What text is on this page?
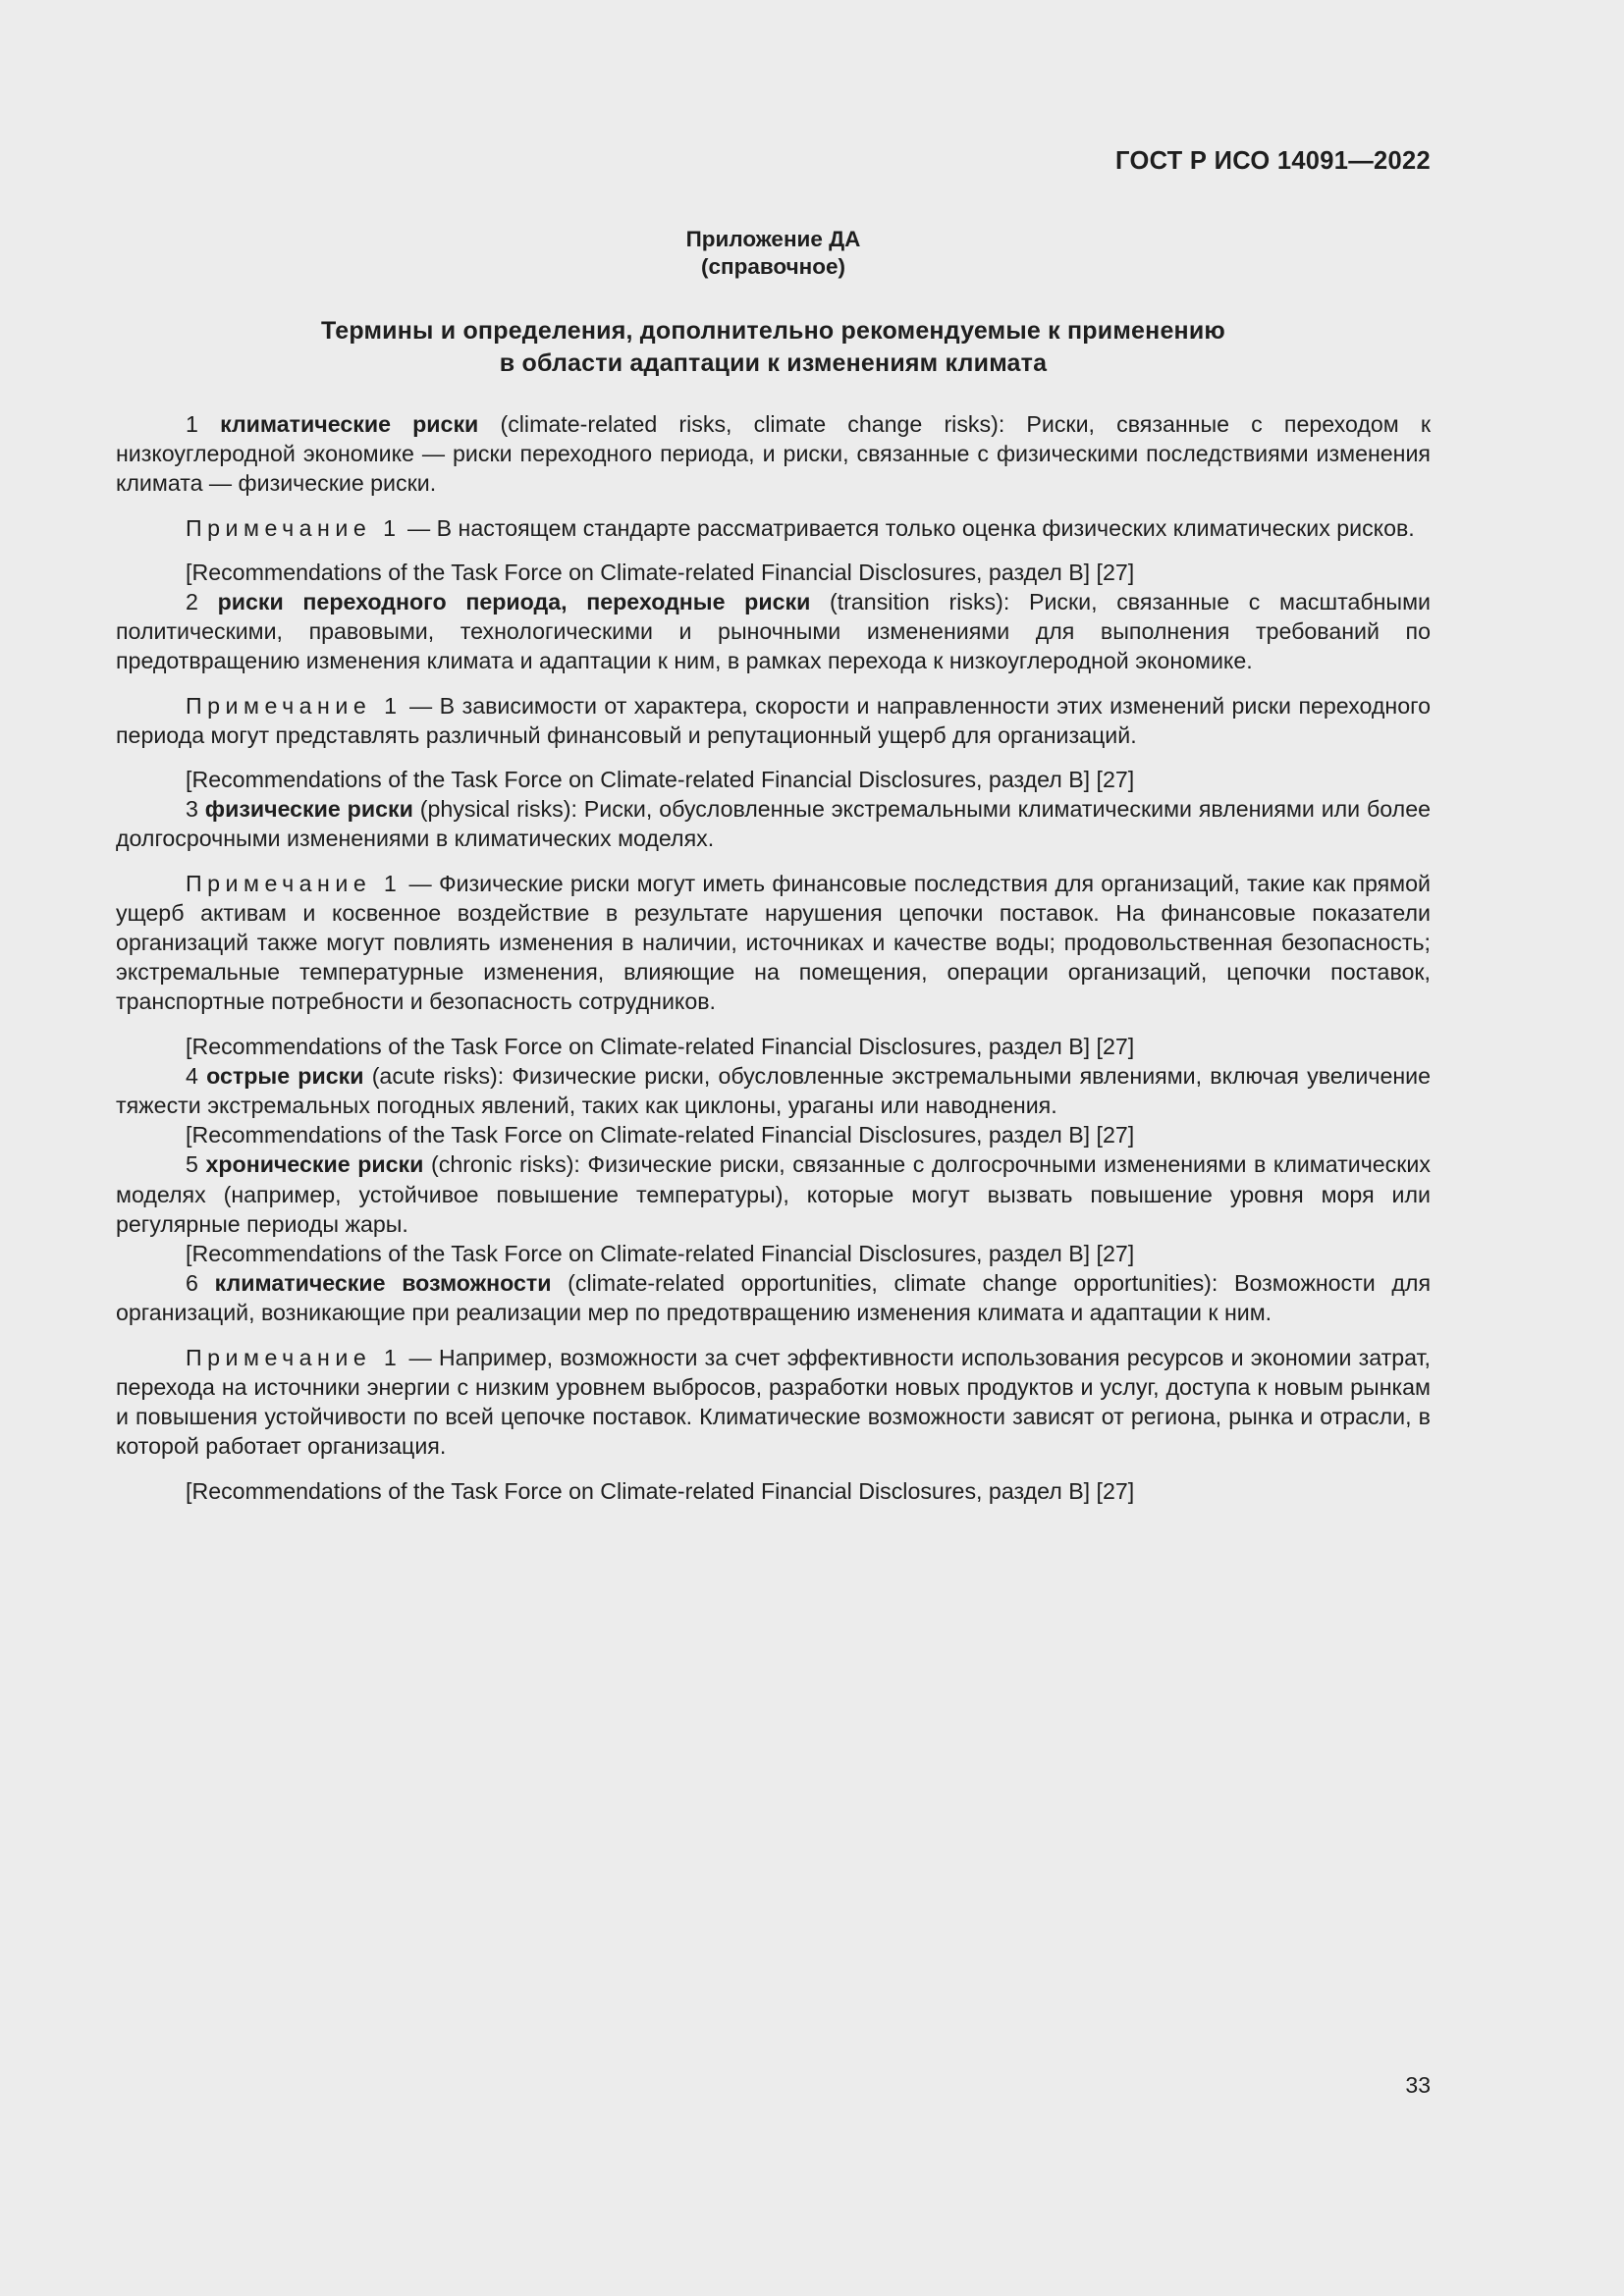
ГОСТ Р ИСО 14091—2022
Приложение ДА
(справочное)
Термины и определения, дополнительно рекомендуемые к применению
в области адаптации к изменениям климата

1 климатические риски (climate-related risks, climate change risks): Риски, связанные с переходом к низкоуглеродной экономике — риски переходного периода, и риски, связанные с физическими последствиями изменения климата — физические риски.

Примечание 1 — В настоящем стандарте рассматривается только оценка физических климатических рисков.

[Recommendations of the Task Force on Climate-related Financial Disclosures, раздел В] [27]

2 риски переходного периода, переходные риски (transition risks): Риски, связанные с масштабными политическими, правовыми, технологическими и рыночными изменениями для выполнения требований по предотвращению изменения климата и адаптации к ним, в рамках перехода к низкоуглеродной экономике.

Примечание 1 — В зависимости от характера, скорости и направленности этих изменений риски переходного периода могут представлять различный финансовый и репутационный ущерб для организаций.

[Recommendations of the Task Force on Climate-related Financial Disclosures, раздел В] [27]

3 физические риски (physical risks): Риски, обусловленные экстремальными климатическими явлениями или более долгосрочными изменениями в климатических моделях.

Примечание 1 — Физические риски могут иметь финансовые последствия для организаций, такие как прямой ущерб активам и косвенное воздействие в результате нарушения цепочки поставок. На финансовые показатели организаций также могут повлиять изменения в наличии, источниках и качестве воды; продовольственная безопасность; экстремальные температурные изменения, влияющие на помещения, операции организаций, цепочки поставок, транспортные потребности и безопасность сотрудников.

[Recommendations of the Task Force on Climate-related Financial Disclosures, раздел В] [27]

4 острые риски (acute risks): Физические риски, обусловленные экстремальными явлениями, включая увеличение тяжести экстремальных погодных явлений, таких как циклоны, ураганы или наводнения.

[Recommendations of the Task Force on Climate-related Financial Disclosures, раздел В] [27]

5 хронические риски (chronic risks): Физические риски, связанные с долгосрочными изменениями в климатических моделях (например, устойчивое повышение температуры), которые могут вызвать повышение уровня моря или регулярные периоды жары.

[Recommendations of the Task Force on Climate-related Financial Disclosures, раздел В] [27]

6 климатические возможности (climate-related opportunities, climate change opportunities): Возможности для организаций, возникающие при реализации мер по предотвращению изменения климата и адаптации к ним.

Примечание 1 — Например, возможности за счет эффективности использования ресурсов и экономии затрат, перехода на источники энергии с низким уровнем выбросов, разработки новых продуктов и услуг, доступа к новым рынкам и повышения устойчивости по всей цепочке поставок. Климатические возможности зависят от региона, рынка и отрасли, в которой работает организация.

[Recommendations of the Task Force on Climate-related Financial Disclosures, раздел В] [27]

33
